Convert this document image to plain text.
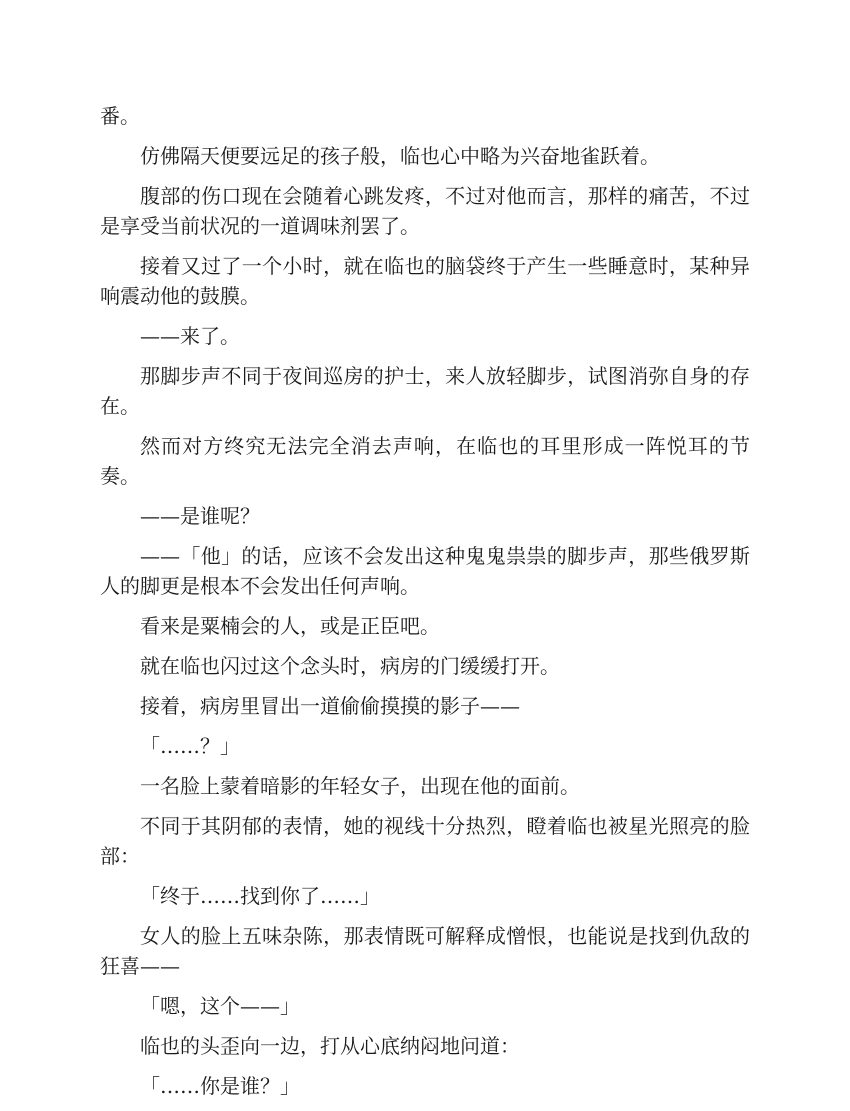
番。

仿佛隔天便要远足的孩子般，临也心中略为兴奋地雀跃着。

腹部的伤口现在会随着心跳发疼，不过对他而言，那样的痛苦，不过是享受当前状况的一道调味剂罢了。

接着又过了一个小时，就在临也的脑袋终于产生一些睡意时，某种异响震动他的鼓膜。

——来了。

那脚步声不同于夜间巡房的护士，来人放轻脚步，试图消弥自身的存在。

然而对方终究无法完全消去声响，在临也的耳里形成一阵悦耳的节奏。

——是谁呢？

——「他」的话，应该不会发出这种鬼鬼祟祟的脚步声，那些俄罗斯人的脚更是根本不会发出任何声响。

看来是粟楠会的人，或是正臣吧。

就在临也闪过这个念头时，病房的门缓缓打开。

接着，病房里冒出一道偷偷摸摸的影子——

「……？」

一名脸上蒙着暗影的年轻女子，出现在他的面前。

不同于其阴郁的表情，她的视线十分热烈，瞪着临也被星光照亮的脸部：

「终于……找到你了……」

女人的脸上五味杂陈，那表情既可解释成憎恨，也能说是找到仇敌的狂喜——

「嗯，这个——」

临也的头歪向一边，打从心底纳闷地问道：

「……你是谁？」
